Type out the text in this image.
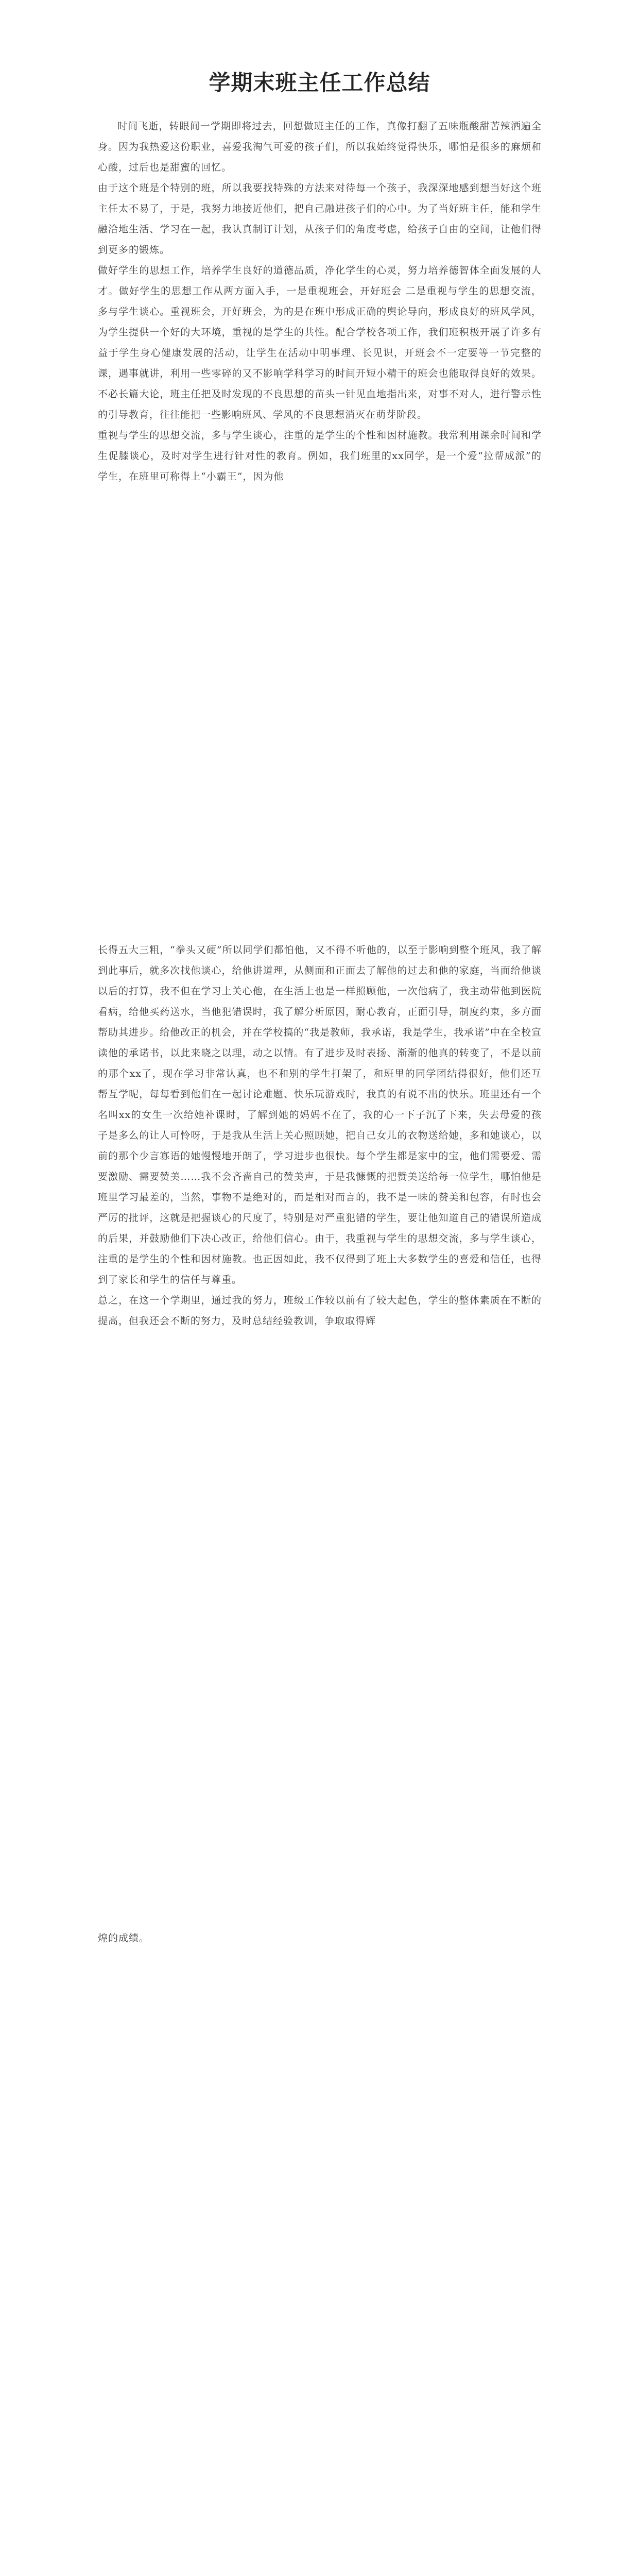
学期末班主任工作总结

时间飞逝，转眼间一学期即将过去，回想做班主任的工作，真像打翻了五味瓶酸甜苦辣洒遍全身。因为我热爱这份职业，喜爱我淘气可爱的孩子们，所以我始终觉得快乐，哪怕是很多的麻烦和心酸，过后也是甜蜜的回忆。

由于这个班是个特别的班，所以我要找特殊的方法来对待每一个孩子，我深深地感到想当好这个班主任太不易了，于是，我努力地接近他们，把自己融进孩子们的心中。为了当好班主任，能和学生融洽地生活、学习在一起，我认真制订计划，从孩子们的角度考虑，给孩子自由的空间，让他们得到更多的锻炼。

做好学生的思想工作，培养学生良好的道德品质，净化学生的心灵，努力培养德智体全面发展的人才。做好学生的思想工作从两方面入手，一是重视班会，开好班会 二是重视与学生的思想交流，多与学生谈心。重视班会，开好班会，为的是在班中形成正确的舆论导向，形成良好的班风学风，为学生提供一个好的大环境，重视的是学生的共性。配合学校各项工作，我们班积极开展了许多有益于学生身心健康发展的活动，让学生在活动中明事理、长见识，开班会不一定要等一节完整的课，遇事就讲，利用一些零碎的又不影响学科学习的时间开短小精干的班会也能取得良好的效果。不必长篇大论，班主任把及时发现的不良思想的苗头一针见血地指出来，对事不对人，进行警示性的引导教育，往往能把一些影响班风、学风的不良思想消灭在萌芽阶段。

重视与学生的思想交流，多与学生谈心，注重的是学生的个性和因材施教。我常利用课余时间和学生促膝谈心，及时对学生进行针对性的教育。例如，我们班里的xx同学，是一个爱“拉帮成派”的学生，在班里可称得上“小霸王”，因为他

长得五大三粗，“拳头又硬”所以同学们都怕他，又不得不听他的，以至于影响到整个班风，我了解到此事后，就多次找他谈心，给他讲道理，从侧面和正面去了解他的过去和他的家庭，当面给他谈以后的打算，我不但在学习上关心他，在生活上也是一样照顾他，一次他病了，我主动带他到医院看病，给他买药送水，当他犯错误时，我了解分析原因，耐心教育，正面引导，制度约束，多方面帮助其进步。给他改正的机会，并在学校搞的“我是教师，我承诺，我是学生，我承诺”中在全校宣读他的承诺书，以此来晓之以理，动之以情。有了进步及时表扬、渐渐的他真的转变了，不是以前的那个xx了，现在学习非常认真，也不和别的学生打架了，和班里的同学团结得很好，他们还互帮互学呢，每每看到他们在一起讨论难题、快乐玩游戏时，我真的有说不出的快乐。班里还有一个名叫xx的女生一次给她补课时，了解到她的妈妈不在了，我的心一下子沉了下来，失去母爱的孩子是多么的让人可怜呀，于是我从生活上关心照顾她，把自己女儿的衣物送给她，多和她谈心，以前的那个少言寡语的她慢慢地开朗了，学习进步也很快。每个学生都是家中的宝，他们需要爱、需要激励、需要赞美……我不会吝啬自己的赞美声，于是我慷慨的把赞美送给每一位学生，哪怕他是班里学习最差的，当然，事物不是绝对的，而是相对而言的，我不是一味的赞美和包容，有时也会严厉的批评，这就是把握谈心的尺度了，特别是对严重犯错的学生，要让他知道自己的错误所造成的后果，并鼓励他们下决心改正，给他们信心。由于，我重视与学生的思想交流，多与学生谈心，注重的是学生的个性和因材施教。也正因如此，我不仅得到了班上大多数学生的喜爱和信任，也得到了家长和学生的信任与尊重。

总之，在这一个学期里，通过我的努力，班级工作较以前有了较大起色，学生的整体素质在不断的提高，但我还会不断的努力，及时总结经验教训，争取取得辉

煌的成绩。
